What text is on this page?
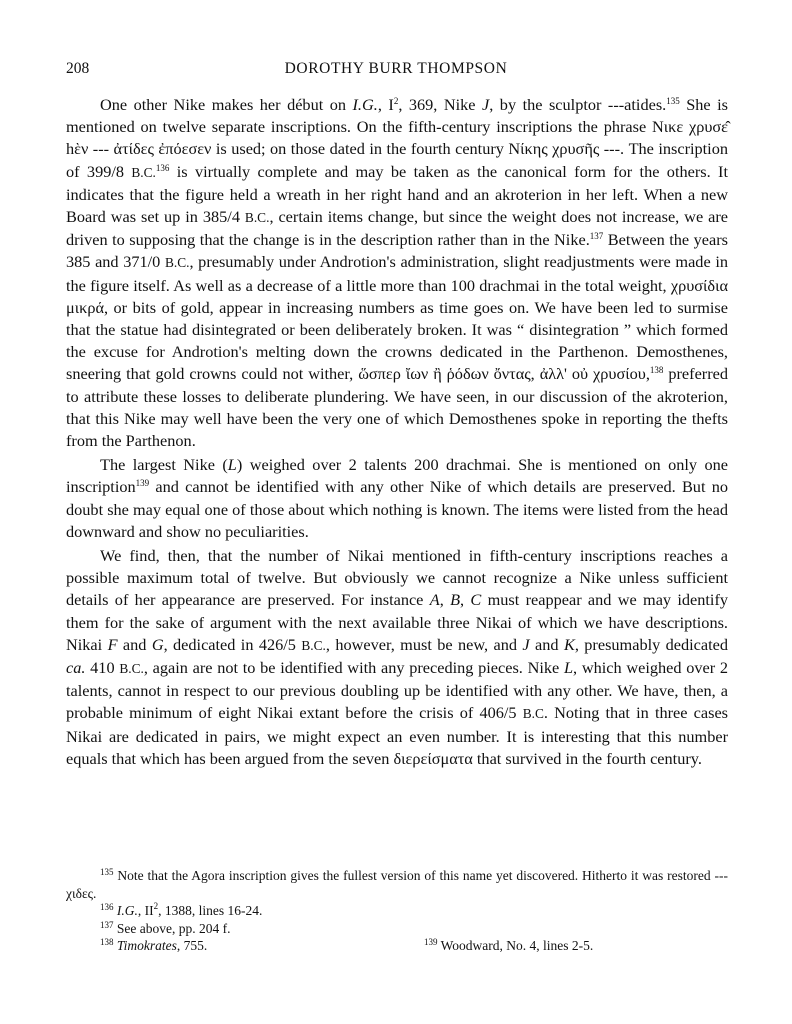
208	DOROTHY BURR THOMPSON

One other Nike makes her début on I.G., $I^2$, 369, Nike J, by the sculptor ---atides.$^{135}$ She is mentioned on twelve separate inscriptions. On the fifth-century inscriptions the phrase Νικε χρυσε̂ hὲν --- ἀτίδες ἐπόεσεν is used; on those dated in the fourth century Νίκης χρυσῆς ---. The inscription of 399/8 B.C.$^{136}$ is virtually complete and may be taken as the canonical form for the others. It indicates that the figure held a wreath in her right hand and an akroterion in her left. When a new Board was set up in 385/4 B.C., certain items change, but since the weight does not increase, we are driven to supposing that the change is in the description rather than in the Nike.$^{137}$ Between the years 385 and 371/0 B.C., presumably under Androtion's administration, slight readjustments were made in the figure itself. As well as a decrease of a little more than 100 drachmai in the total weight, χρυσίδια μικρά, or bits of gold, appear in increasing numbers as time goes on. We have been led to surmise that the statue had disintegrated or been deliberately broken. It was “ disintegration ” which formed the excuse for Androtion's melting down the crowns dedicated in the Parthenon. Demosthenes, sneering that gold crowns could not wither, ὥσπερ ἴων ἢ ῥόδων ὄντας, ἀλλ' οὐ χρυσίου,$^{138}$ preferred to attribute these losses to deliberate plundering. We have seen, in our discussion of the akroterion, that this Nike may well have been the very one of which Demosthenes spoke in reporting the thefts from the Parthenon.

The largest Nike (L) weighed over 2 talents 200 drachmai. She is mentioned on only one inscription$^{139}$ and cannot be identified with any other Nike of which details are preserved. But no doubt she may equal one of those about which nothing is known. The items were listed from the head downward and show no peculiarities.

We find, then, that the number of Nikai mentioned in fifth-century inscriptions reaches a possible maximum total of twelve. But obviously we cannot recognize a Nike unless sufficient details of her appearance are preserved. For instance A, B, C must reappear and we may identify them for the sake of argument with the next available three Nikai of which we have descriptions. Nikai F and G, dedicated in 426/5 B.C., however, must be new, and J and K, presumably dedicated ca. 410 B.C., again are not to be identified with any preceding pieces. Nike L, which weighed over 2 talents, cannot in respect to our previous doubling up be identified with any other. We have, then, a probable minimum of eight Nikai extant before the crisis of 406/5 B.C. Noting that in three cases Nikai are dedicated in pairs, we might expect an even number. It is interesting that this number equals that which has been argued from the seven διερείσματα that survived in the fourth century.

$^{135}$ Note that the Agora inscription gives the fullest version of this name yet discovered. Hitherto it was restored --- χιδες.
$^{136}$ I.G., $II^2$, 1388, lines 16-24.
$^{137}$ See above, pp. 204 f.
$^{138}$ Timokrates, 755.	$^{139}$ Woodward, No. 4, lines 2-5.
